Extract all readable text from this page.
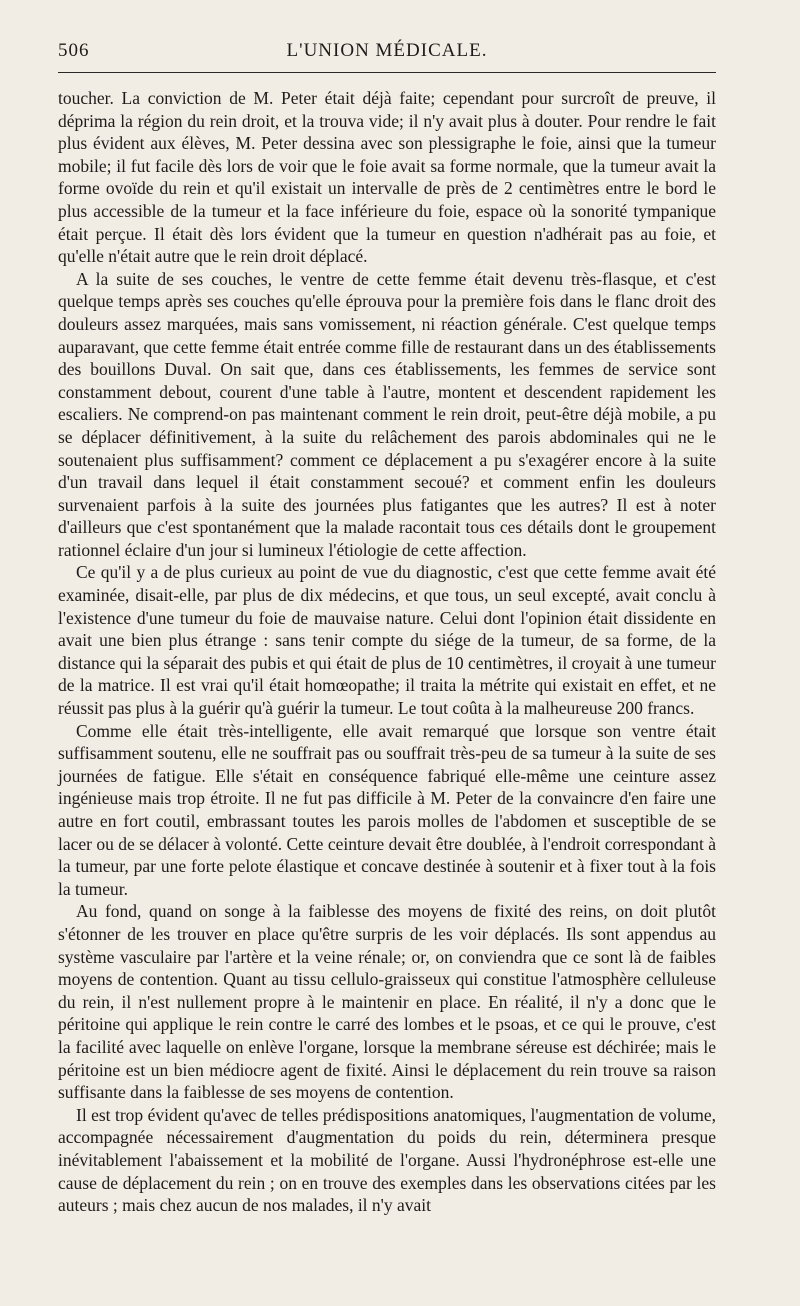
506	L'UNION MÉDICALE.

toucher. La conviction de M. Peter était déjà faite; cependant pour surcroît de preuve, il déprima la région du rein droit, et la trouva vide; il n'y avait plus à douter. Pour rendre le fait plus évident aux élèves, M. Peter dessina avec son plessigraphe le foie, ainsi que la tumeur mobile; il fut facile dès lors de voir que le foie avait sa forme normale, que la tumeur avait la forme ovoïde du rein et qu'il existait un intervalle de près de 2 centimètres entre le bord le plus accessible de la tumeur et la face inférieure du foie, espace où la sonorité tympanique était perçue. Il était dès lors évident que la tumeur en question n'adhérait pas au foie, et qu'elle n'était autre que le rein droit déplacé.

A la suite de ses couches, le ventre de cette femme était devenu très-flasque, et c'est quelque temps après ses couches qu'elle éprouva pour la première fois dans le flanc droit des douleurs assez marquées, mais sans vomissement, ni réaction générale. C'est quelque temps auparavant, que cette femme était entrée comme fille de restaurant dans un des établissements des bouillons Duval. On sait que, dans ces établissements, les femmes de service sont constamment debout, courent d'une table à l'autre, montent et descendent rapidement les escaliers. Ne comprend-on pas maintenant comment le rein droit, peut-être déjà mobile, a pu se déplacer définitivement, à la suite du relâchement des parois abdominales qui ne le soutenaient plus suffisamment? comment ce déplacement a pu s'exagérer encore à la suite d'un travail dans lequel il était constamment secoué? et comment enfin les douleurs survenaient parfois à la suite des journées plus fatigantes que les autres? Il est à noter d'ailleurs que c'est spontanément que la malade racontait tous ces détails dont le groupement rationnel éclaire d'un jour si lumineux l'étiologie de cette affection.

Ce qu'il y a de plus curieux au point de vue du diagnostic, c'est que cette femme avait été examinée, disait-elle, par plus de dix médecins, et que tous, un seul excepté, avait conclu à l'existence d'une tumeur du foie de mauvaise nature. Celui dont l'opinion était dissidente en avait une bien plus étrange : sans tenir compte du siége de la tumeur, de sa forme, de la distance qui la séparait des pubis et qui était de plus de 10 centimètres, il croyait à une tumeur de la matrice. Il est vrai qu'il était homœopathe; il traita la métrite qui existait en effet, et ne réussit pas plus à la guérir qu'à guérir la tumeur. Le tout coûta à la malheureuse 200 francs.

Comme elle était très-intelligente, elle avait remarqué que lorsque son ventre était suffisamment soutenu, elle ne souffrait pas ou souffrait très-peu de sa tumeur à la suite de ses journées de fatigue. Elle s'était en conséquence fabriqué elle-même une ceinture assez ingénieuse mais trop étroite. Il ne fut pas difficile à M. Peter de la convaincre d'en faire une autre en fort coutil, embrassant toutes les parois molles de l'abdomen et susceptible de se lacer ou de se délacer à volonté. Cette ceinture devait être doublée, à l'endroit correspondant à la tumeur, par une forte pelote élastique et concave destinée à soutenir et à fixer tout à la fois la tumeur.

Au fond, quand on songe à la faiblesse des moyens de fixité des reins, on doit plutôt s'étonner de les trouver en place qu'être surpris de les voir déplacés. Ils sont appendus au système vasculaire par l'artère et la veine rénale; or, on conviendra que ce sont là de faibles moyens de contention. Quant au tissu cellulo-graisseux qui constitue l'atmosphère celluleuse du rein, il n'est nullement propre à le maintenir en place. En réalité, il n'y a donc que le péritoine qui applique le rein contre le carré des lombes et le psoas, et ce qui le prouve, c'est la facilité avec laquelle on enlève l'organe, lorsque la membrane séreuse est déchirée; mais le péritoine est un bien médiocre agent de fixité. Ainsi le déplacement du rein trouve sa raison suffisante dans la faiblesse de ses moyens de contention.

Il est trop évident qu'avec de telles prédispositions anatomiques, l'augmentation de volume, accompagnée nécessairement d'augmentation du poids du rein, déterminera presque inévitablement l'abaissement et la mobilité de l'organe. Aussi l'hydronéphrose est-elle une cause de déplacement du rein ; on en trouve des exemples dans les observations citées par les auteurs ; mais chez aucun de nos malades, il n'y avait
